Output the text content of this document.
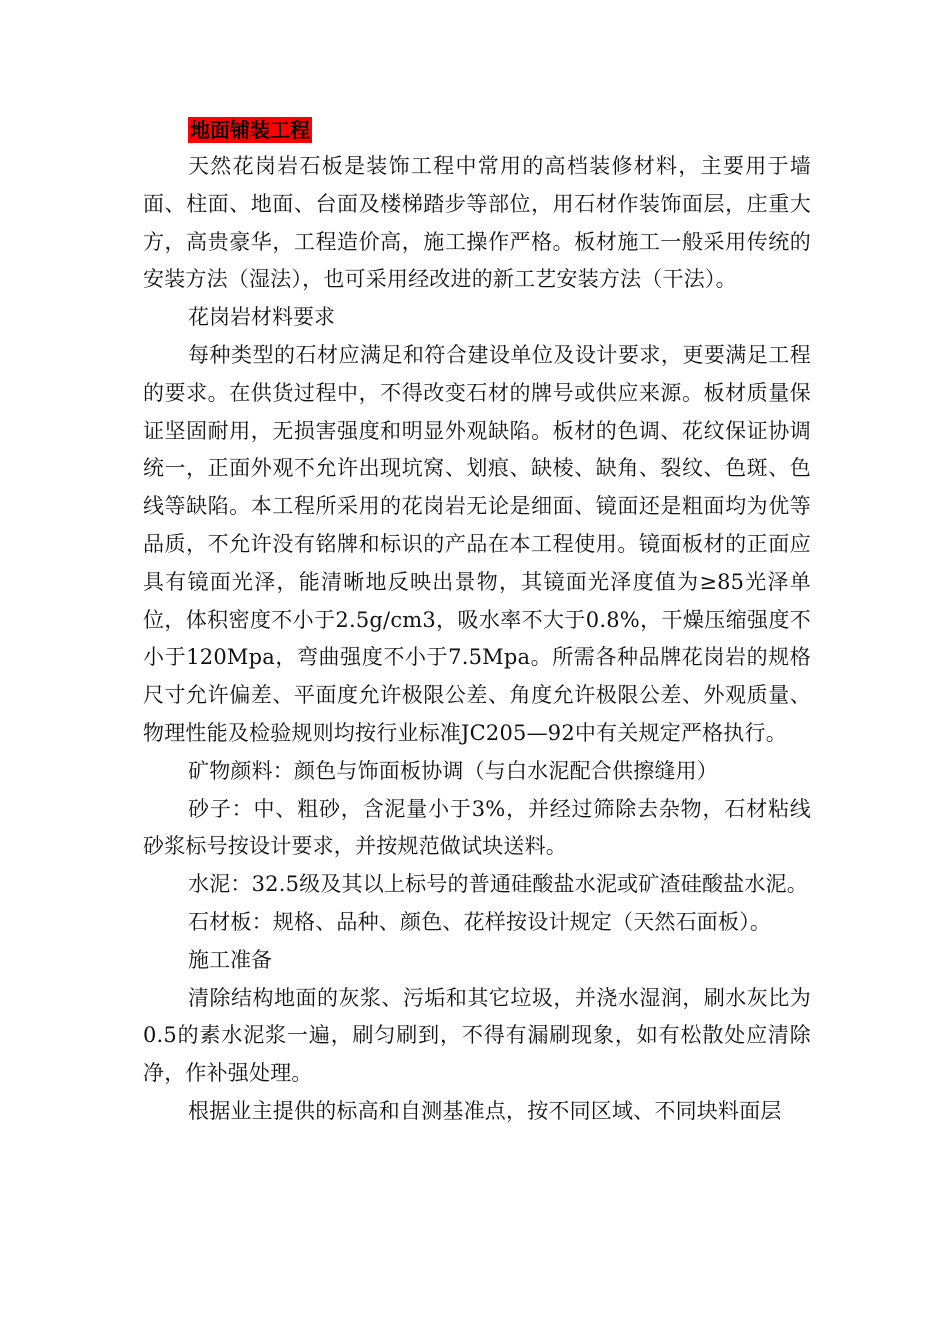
地面铺装工程

天然花岗岩石板是装饰工程中常用的高档装修材料，主要用于墙面、柱面、地面、台面及楼梯踏步等部位，用石材作装饰面层，庄重大方，高贵豪华，工程造价高，施工操作严格。板材施工一般采用传统的安装方法（湿法），也可采用经改进的新工艺安装方法（干法）。

花岗岩材料要求

每种类型的石材应满足和符合建设单位及设计要求，更要满足工程的要求。在供货过程中，不得改变石材的牌号或供应来源。板材质量保证坚固耐用，无损害强度和明显外观缺陷。板材的色调、花纹保证协调统一，正面外观不允许出现坑窝、划痕、缺棱、缺角、裂纹、色斑、色线等缺陷。本工程所采用的花岗岩无论是细面、镜面还是粗面均为优等品质，不允许没有铭牌和标识的产品在本工程使用。镜面板材的正面应具有镜面光泽，能清晰地反映出景物，其镜面光泽度值为≥85光泽单位，体积密度不小于2.5g/cm3，吸水率不大于0.8%，干燥压缩强度不小于120Mpa，弯曲强度不小于7.5Mpa。所需各种品牌花岗岩的规格尺寸允许偏差、平面度允许极限公差、角度允许极限公差、外观质量、物理性能及检验规则均按行业标准JC205—92中有关规定严格执行。

矿物颜料：颜色与饰面板协调（与白水泥配合供擦缝用）

砂子：中、粗砂，含泥量小于3%，并经过筛除去杂物，石材粘线砂浆标号按设计要求，并按规范做试块送料。

水泥：32.5级及其以上标号的普通硅酸盐水泥或矿渣硅酸盐水泥。

石材板：规格、品种、颜色、花样按设计规定（天然石面板）。

施工准备

清除结构地面的灰浆、污垢和其它垃圾，并浇水湿润，刷水灰比为0.5的素水泥浆一遍，刷匀刷到，不得有漏刷现象，如有松散处应清除净，作补强处理。

根据业主提供的标高和自测基准点，按不同区域、不同块料面层
